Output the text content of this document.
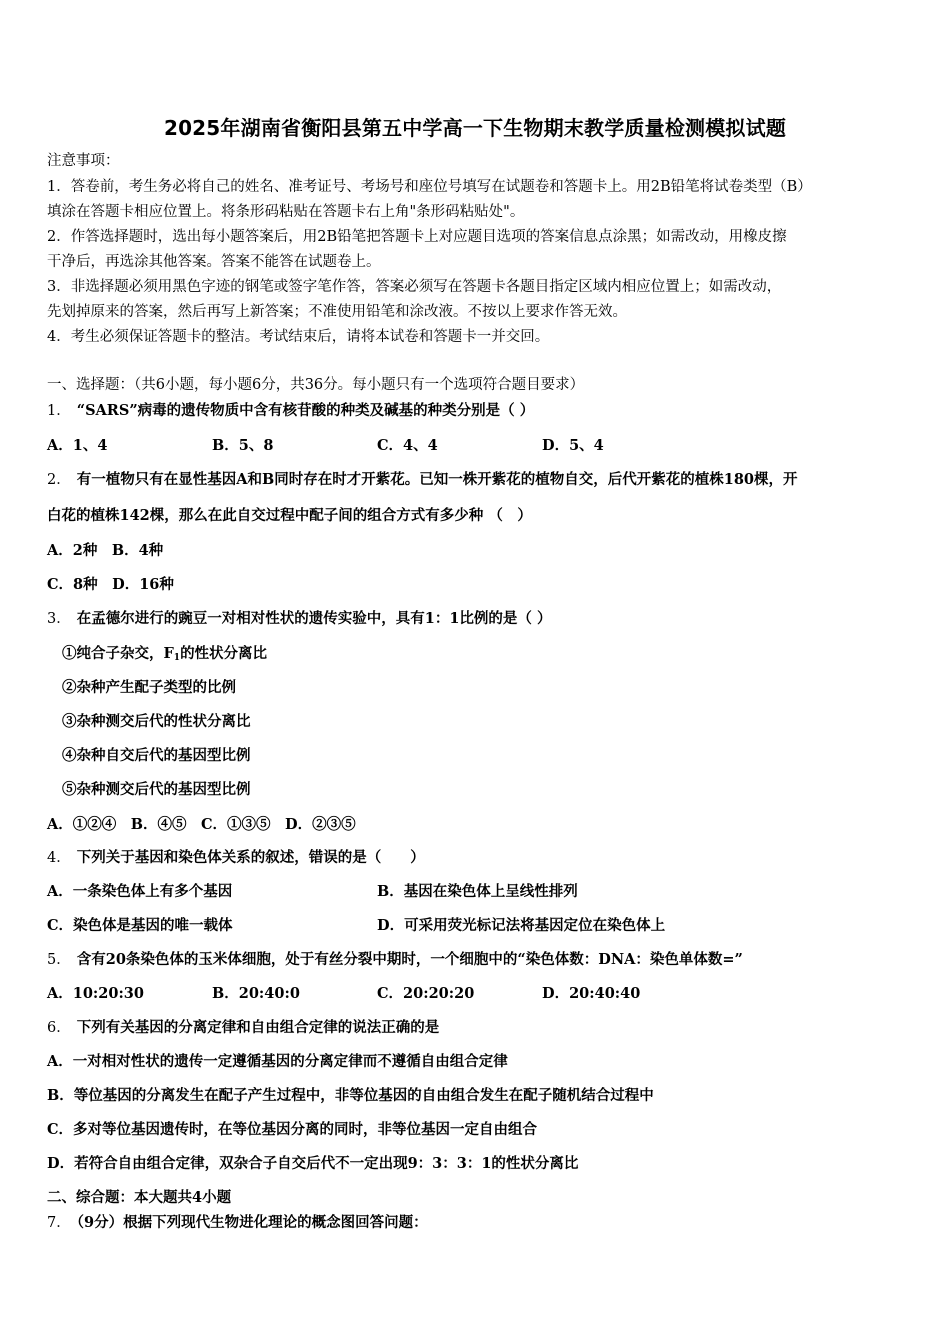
2025年湖南省衡阳县第五中学高一下生物期末教学质量检测模拟试题
注意事项：
1．答卷前，考生务必将自己的姓名、准考证号、考场号和座位号填写在试题卷和答题卡上。用2B铅笔将试卷类型（B）
填涂在答题卡相应位置上。将条形码粘贴在答题卡右上角"条形码粘贴处"。
2．作答选择题时，选出每小题答案后，用2B铅笔把答题卡上对应题目选项的答案信息点涂黑；如需改动，用橡皮擦
干净后，再选涂其他答案。答案不能答在试题卷上。
3．非选择题必须用黑色字迹的钢笔或签字笔作答，答案必须写在答题卡各题目指定区域内相应位置上；如需改动，
先划掉原来的答案，然后再写上新答案；不准使用铅笔和涂改液。不按以上要求作答无效。
4．考生必须保证答题卡的整洁。考试结束后，请将本试卷和答题卡一并交回。
一、选择题：（共6小题，每小题6分，共36分。每小题只有一个选项符合题目要求）
1． “SARS”病毒的遗传物质中含有核苷酸的种类及碱基的种类分别是（ ）
A．1、4	B．5、8	C．4、4	D．5、4
2． 有一植物只有在显性基因A和B同时存在时才开紫花。已知一株开紫花的植物自交，后代开紫花的植株180棵，开
白花的植株142棵，那么在此自交过程中配子间的组合方式有多少种 （　）
A．2种　B．4种
C．8种　D．16种
3． 在孟德尔进行的豌豆一对相对性状的遗传实验中，具有1：1比例的是（ ）
①纯合子杂交，$F_1$的性状分离比
②杂种产生配子类型的比例
③杂种测交后代的性状分离比
④杂种自交后代的基因型比例
⑤杂种测交后代的基因型比例
A．①②④　B．④⑤　C．①③⑤　D．②③⑤
4． 下列关于基因和染色体关系的叙述，错误的是（　　）
A．一条染色体上有多个基因	B．基因在染色体上呈线性排列
C．染色体是基因的唯一载体	D．可采用荧光标记法将基因定位在染色体上
5． 含有20条染色体的玉米体细胞，处于有丝分裂中期时，一个细胞中的“染色体数：DNA：染色单体数=”
A．10:20:30	B．20:40:0	C．20:20:20	D．20:40:40
6． 下列有关基因的分离定律和自由组合定律的说法正确的是
A．一对相对性状的遗传一定遵循基因的分离定律而不遵循自由组合定律
B．等位基因的分离发生在配子产生过程中，非等位基因的自由组合发生在配子随机结合过程中
C．多对等位基因遗传时，在等位基因分离的同时，非等位基因一定自由组合
D．若符合自由组合定律，双杂合子自交后代不一定出现9：3：3：1的性状分离比
二、综合题：本大题共4小题
7． （9分）根据下列现代生物进化理论的概念图回答问题：
